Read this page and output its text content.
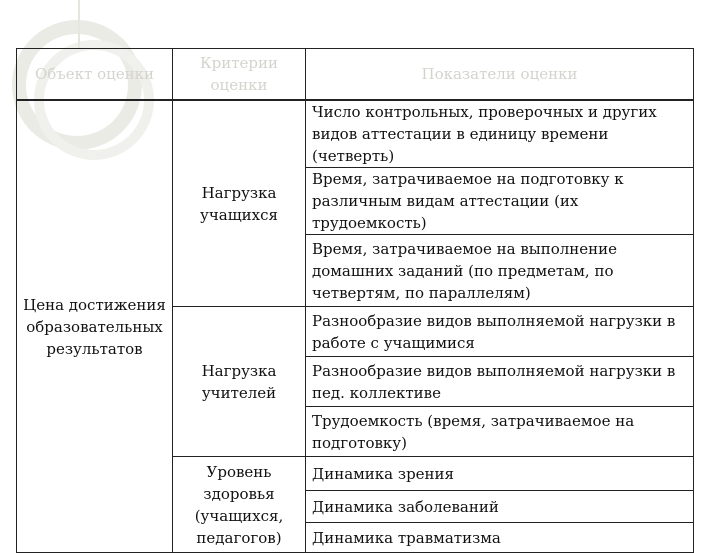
Объект оценки	Критерии оценки	Показатели оценки
Цена достижения образовательных результатов	Нагрузка учащихся	Число контрольных, проверочных и других видов аттестации в единицу времени (четверть)
		Время, затрачиваемое на подготовку к различным видам аттестации (их трудоемкость)
		Время, затрачиваемое на выполнение домашних заданий (по предметам, по четвертям, по параллелям)
	Нагрузка учителей	Разнообразие видов выполняемой нагрузки в работе с учащимися
		Разнообразие видов выполняемой нагрузки в пед. коллективе
		Трудоемкость (время, затрачиваемое на подготовку)
	Уровень здоровья (учащихся, педагогов)	Динамика зрения
		Динамика заболеваний
		Динамика травматизма
